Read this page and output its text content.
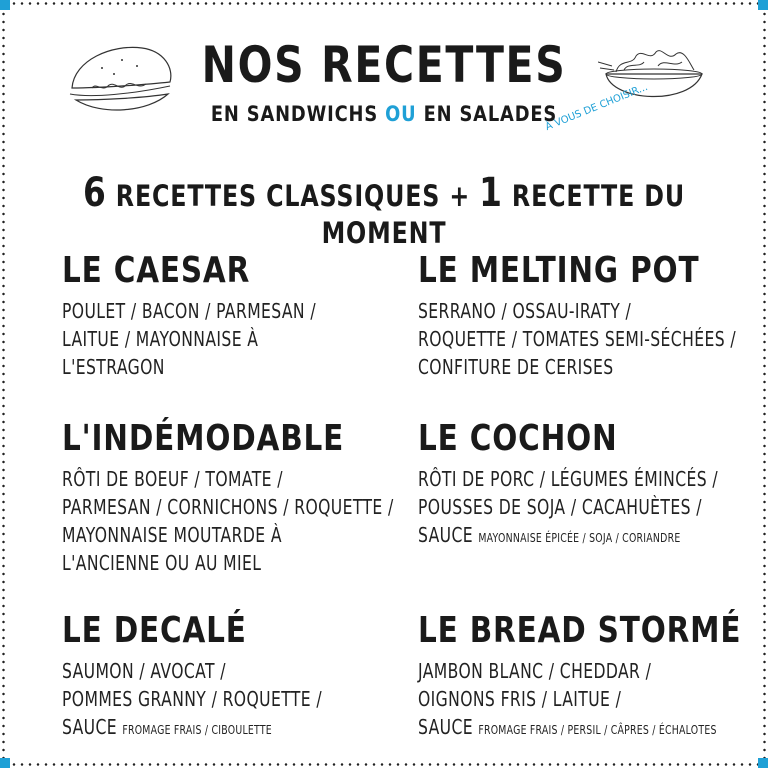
NOS RECETTES
EN SANDWICHS OU EN SALADES
À VOUS DE CHOISIR...
6 RECETTES CLASSIQUES + 1 RECETTE DU MOMENT
LE CAESAR
POULET / BACON / PARMESAN /
LAITUE / MAYONNAISE À
L'ESTRAGON
L'INDÉMODABLE
RÔTI DE BOEUF / TOMATE /
PARMESAN / CORNICHONS / ROQUETTE /
MAYONNAISE MOUTARDE À
L'ANCIENNE OU AU MIEL
LE DECALÉ
SAUMON / AVOCAT /
POMMES GRANNY / ROQUETTE /
SAUCE FROMAGE FRAIS / CIBOULETTE
LE MELTING POT
SERRANO / OSSAU-IRATY /
ROQUETTE / TOMATES SEMI-SÉCHÉES /
CONFITURE DE CERISES
LE COCHON
RÔTI DE PORC / LÉGUMES ÉMINCÉS /
POUSSES DE SOJA / CACAHUÈTES /
SAUCE MAYONNAISE ÉPICÉE / SOJA / CORIANDRE
LE BREAD STORMÉ
JAMBON BLANC / CHEDDAR /
OIGNONS FRIS / LAITUE /
SAUCE FROMAGE FRAIS / PERSIL / CÂPRES / ÉCHALOTES
